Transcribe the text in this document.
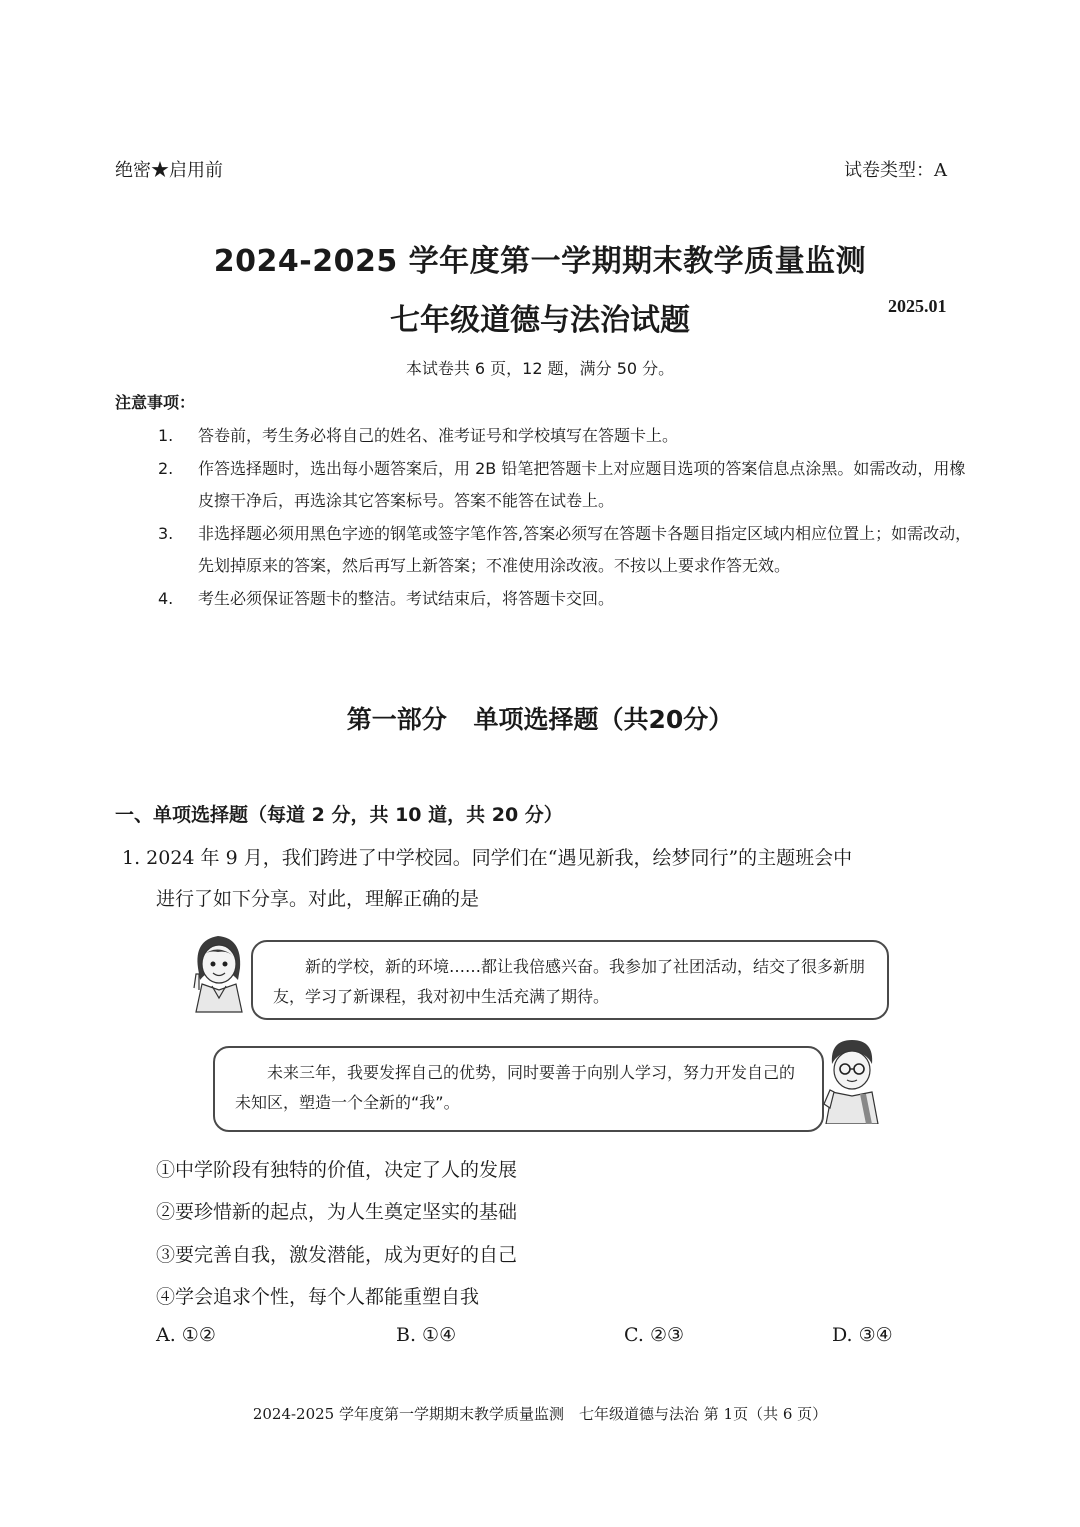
绝密★启用前	试卷类型：A
2024-2025 学年度第一学期期末教学质量监测
七年级道德与法治试题	2025.01
本试卷共 6 页，12 题，满分 50 分。
注意事项：
1.	答卷前，考生务必将自己的姓名、准考证号和学校填写在答题卡上。
2.	作答选择题时，选出每小题答案后，用 2B 铅笔把答题卡上对应题目选项的答案信息点涂黑。如需改动，用橡皮擦干净后，再选涂其它答案标号。答案不能答在试卷上。
3.	非选择题必须用黑色字迹的钢笔或签字笔作答,答案必须写在答题卡各题目指定区域内相应位置上；如需改动，先划掉原来的答案，然后再写上新答案；不准使用涂改液。不按以上要求作答无效。
4.	考生必须保证答题卡的整洁。考试结束后，将答题卡交回。
第一部分 单项选择题（共20分）
一、单项选择题（每道 2 分，共 10 道，共 20 分）
1. 2024 年 9 月，我们跨进了中学校园。同学们在“遇见新我，绘梦同行”的主题班会中
进行了如下分享。对此，理解正确的是

新的学校，新的环境……都让我倍感兴奋。我参加了社团活动，结交了很多新朋友，学习了新课程，我对初中生活充满了期待。

未来三年，我要发挥自己的优势，同时要善于向别人学习，努力开发自己的未知区，塑造一个全新的“我”。

①中学阶段有独特的价值，决定了人的发展
②要珍惜新的起点，为人生奠定坚实的基础
③要完善自我，激发潜能，成为更好的自己
④学会追求个性，每个人都能重塑自我
A. ①②	B. ①④	C. ②③	D. ③④
2024-2025 学年度第一学期期末教学质量监测　七年级道德与法治 第 1页（共 6 页）
